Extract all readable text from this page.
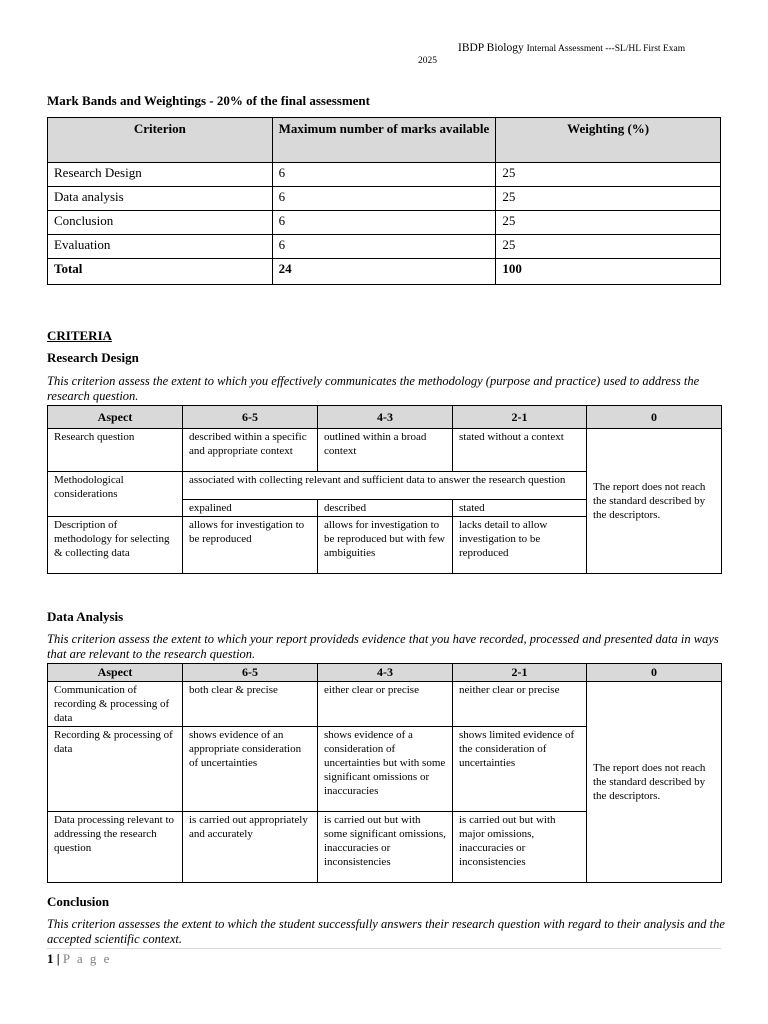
IBDP Biology Internal Assessment ---SL/HL First Exam
2025
Mark Bands and Weightings - 20% of the final assessment
Criterion	Maximum number of marks available	Weighting (%)
Research Design	6	25
Data analysis	6	25
Conclusion	6	25
Evaluation	6	25
Total	24	100
CRITERIA
Research Design
This criterion assess the extent to which you effectively communicates the methodology (purpose and practice) used to address the research question.
Aspect	6-5	4-3	2-1	0
Research question	described within a specific and appropriate context	outlined within a broad context	stated without a context	The report does not reach the standard described by the descriptors.
Methodological considerations	associated with collecting relevant and sufficient data to answer the research question			
	expalined	described	stated	
Description of methodology for selecting & collecting data	allows for investigation to be reproduced	allows for investigation to be reproduced but with few ambiguities	lacks detail to allow investigation to be reproduced	
Data Analysis
This criterion assess the extent to which your report provideds evidence that you have recorded, processed and presented data in ways that are relevant to the research question.
Aspect	6-5	4-3	2-1	0
Communication of recording & processing of data	both clear & precise	either clear or precise	neither clear or precise	The report does not reach the standard described by the descriptors.
Recording & processing of data	shows evidence of an appropriate consideration of uncertainties	shows evidence of a consideration of uncertainties but with some significant omissions or inaccuracies	shows limited evidence of the consideration of uncertainties	
Data processing relevant to addressing the research question	is carried out appropriately and accurately	is carried out but with some significant omissions, inaccuracies or inconsistencies	is carried out but with major omissions, inaccuracies or inconsistencies	
Conclusion
This criterion assesses the extent to which the student successfully answers their research question with regard to their analysis and the accepted scientific context.
1 | P a g e
